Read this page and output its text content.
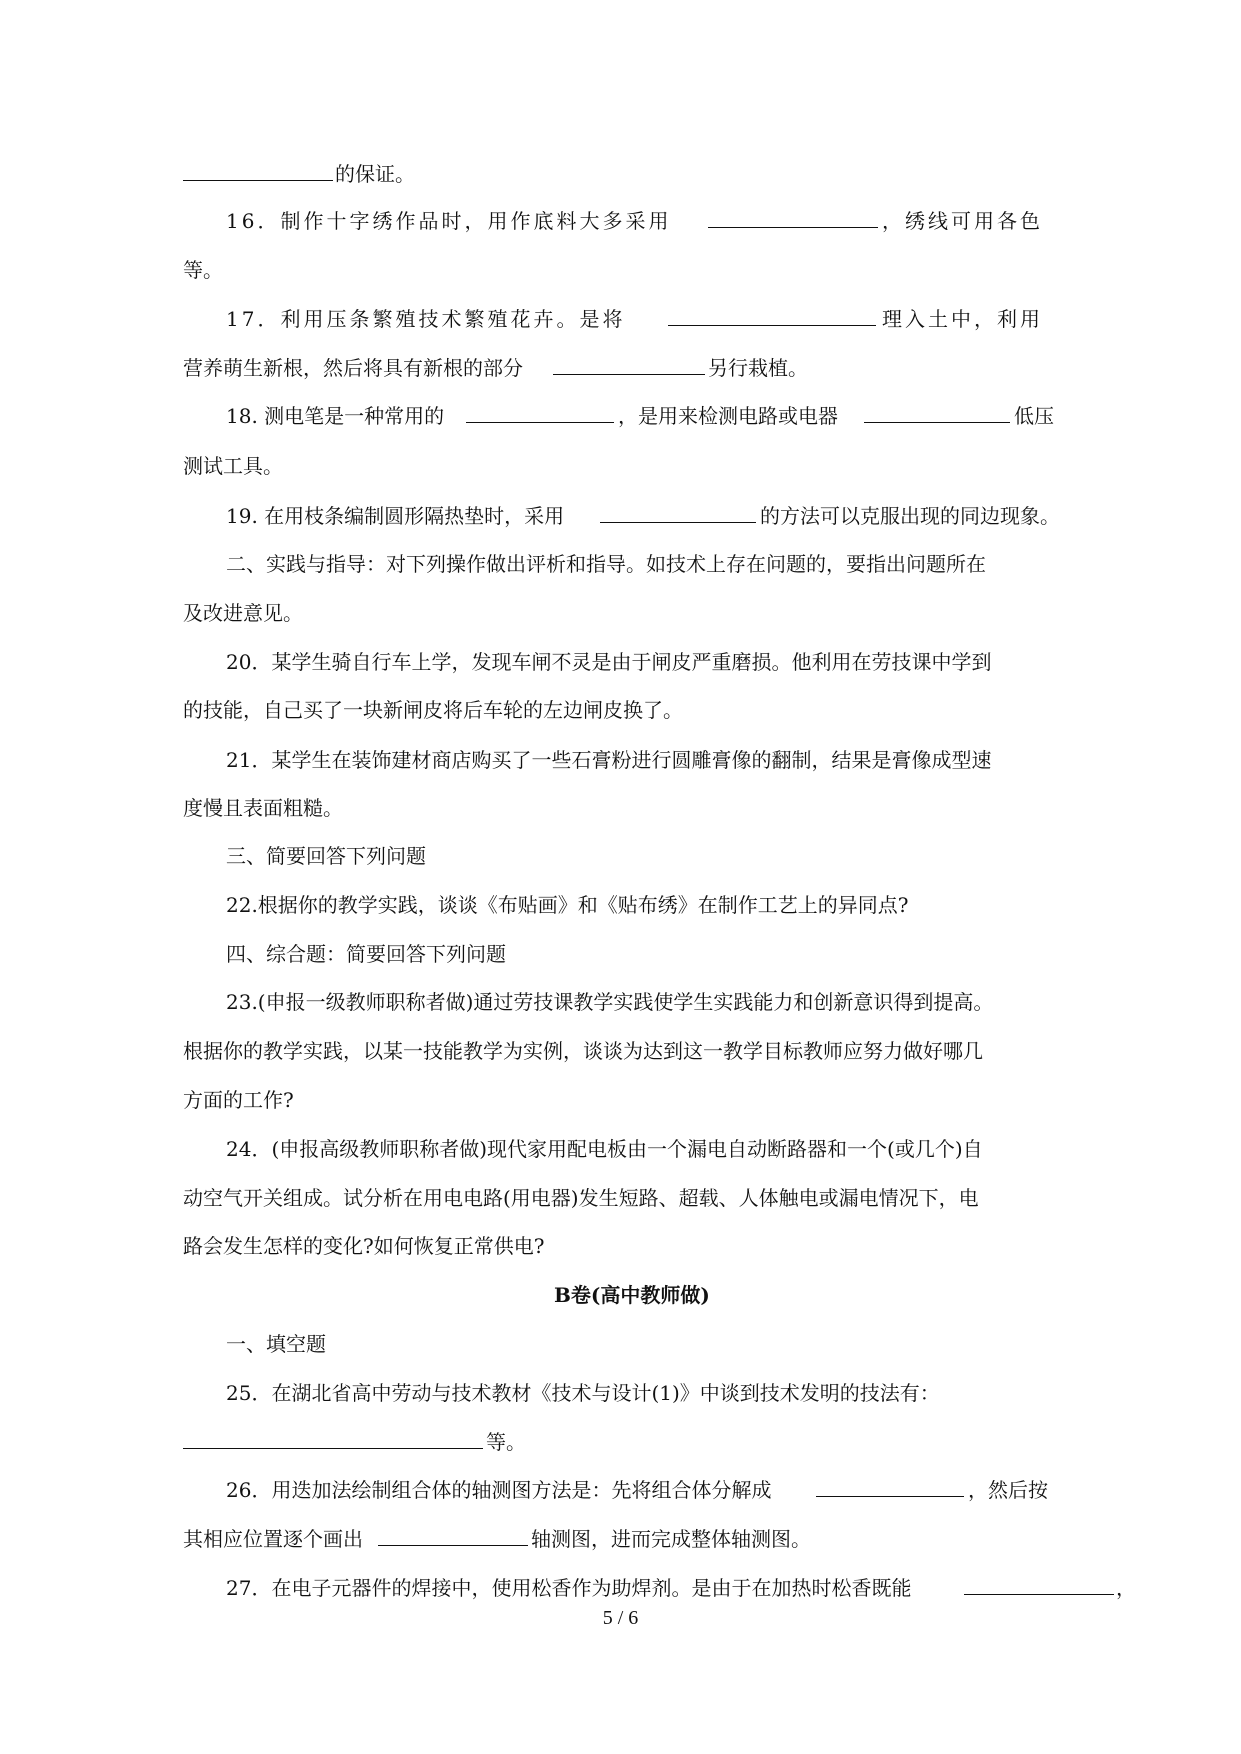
的保证。
16．制作十字绣作品时，用作底料大多采用	，绣线可用各色
等。
17．利用压条繁殖技术繁殖花卉。是将	理入土中，利用
营养萌生新根，然后将具有新根的部分	另行栽植。
18. 测电笔是一种常用的	，是用来检测电路或电器	低压
测试工具。
19. 在用枝条编制圆形隔热垫时，采用	的方法可以克服出现的同边现象。
二、实践与指导：对下列操作做出评析和指导。如技术上存在问题的，要指出问题所在
及改进意见。
20．某学生骑自行车上学，发现车闸不灵是由于闸皮严重磨损。他利用在劳技课中学到
的技能，自己买了一块新闸皮将后车轮的左边闸皮换了。
21．某学生在装饰建材商店购买了一些石膏粉进行圆雕膏像的翻制，结果是膏像成型速
度慢且表面粗糙。
三、简要回答下列问题
22.根据你的教学实践，谈谈《布贴画》和《贴布绣》在制作工艺上的异同点?
四、综合题：简要回答下列问题
23.(申报一级教师职称者做)通过劳技课教学实践使学生实践能力和创新意识得到提高。
根据你的教学实践，以某一技能教学为实例，谈谈为达到这一教学目标教师应努力做好哪几
方面的工作?
24．(申报高级教师职称者做)现代家用配电板由一个漏电自动断路器和一个(或几个)自
动空气开关组成。试分析在用电电路(用电器)发生短路、超载、人体触电或漏电情况下，电
路会发生怎样的变化?如何恢复正常供电?
B卷(高中教师做)
一、填空题
25．在湖北省高中劳动与技术教材《技术与设计(1)》中谈到技术发明的技法有：
等。
26．用迭加法绘制组合体的轴测图方法是：先将组合体分解成	，然后按
其相应位置逐个画出	轴测图，进而完成整体轴测图。
27．在电子元器件的焊接中，使用松香作为助焊剂。是由于在加热时松香既能	，
5 / 6
